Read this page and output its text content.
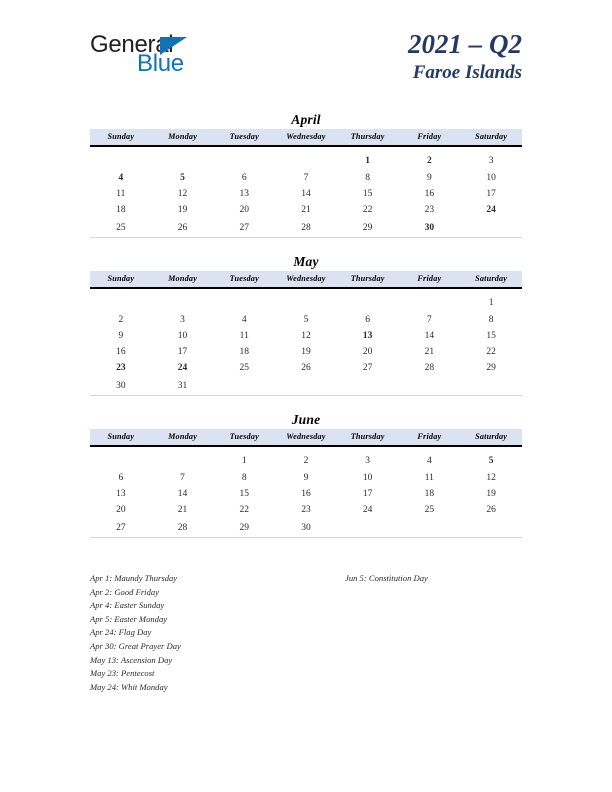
General
Blue
2021 – Q2
Faroe Islands
April
Sunday	Monday	Tuesday	Wednesday	Thursday	Friday	Saturday
				1	2	3
4	5	6	7	8	9	10
11	12	13	14	15	16	17
18	19	20	21	22	23	24
25	26	27	28	29	30	
May
Sunday	Monday	Tuesday	Wednesday	Thursday	Friday	Saturday
						1
2	3	4	5	6	7	8
9	10	11	12	13	14	15
16	17	18	19	20	21	22
23	24	25	26	27	28	29
30	31					
June
Sunday	Monday	Tuesday	Wednesday	Thursday	Friday	Saturday
		1	2	3	4	5
6	7	8	9	10	11	12
13	14	15	16	17	18	19
20	21	22	23	24	25	26
27	28	29	30			
Apr 1: Maundy Thursday
Apr 2: Good Friday
Apr 4: Easter Sunday
Apr 5: Easter Monday
Apr 24: Flag Day
Apr 30: Great Prayer Day
May 13: Ascension Day
May 23: Pentecost
May 24: Whit Monday
Jun 5: Constitution Day
